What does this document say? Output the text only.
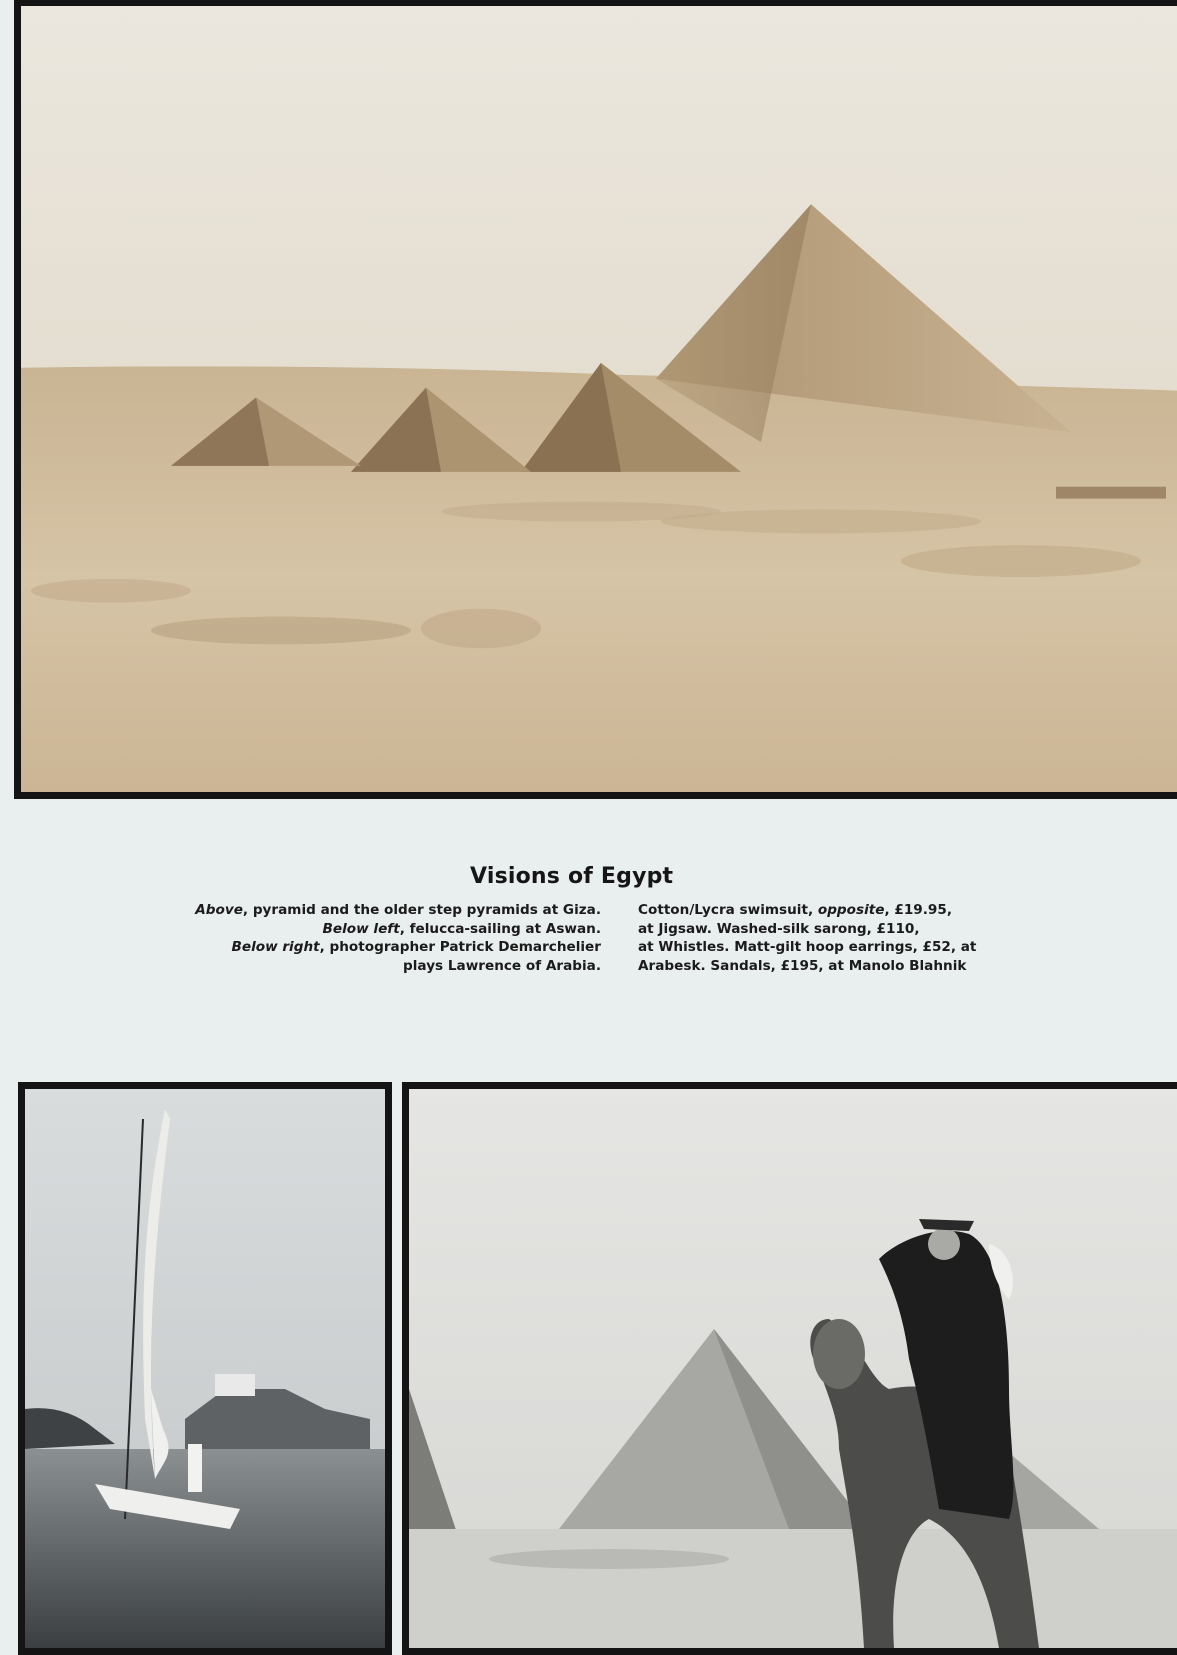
Visions of Egypt
Above, pyramid and the older step pyramids at Giza.
Below left, felucca-sailing at Aswan.
Below right, photographer Patrick Demarchelier
plays Lawrence of Arabia.
Cotton/Lycra swimsuit, opposite, £19.95,
at Jigsaw. Washed-silk sarong, £110,
at Whistles. Matt-gilt hoop earrings, £52, at
Arabesk. Sandals, £195, at Manolo Blahnik
